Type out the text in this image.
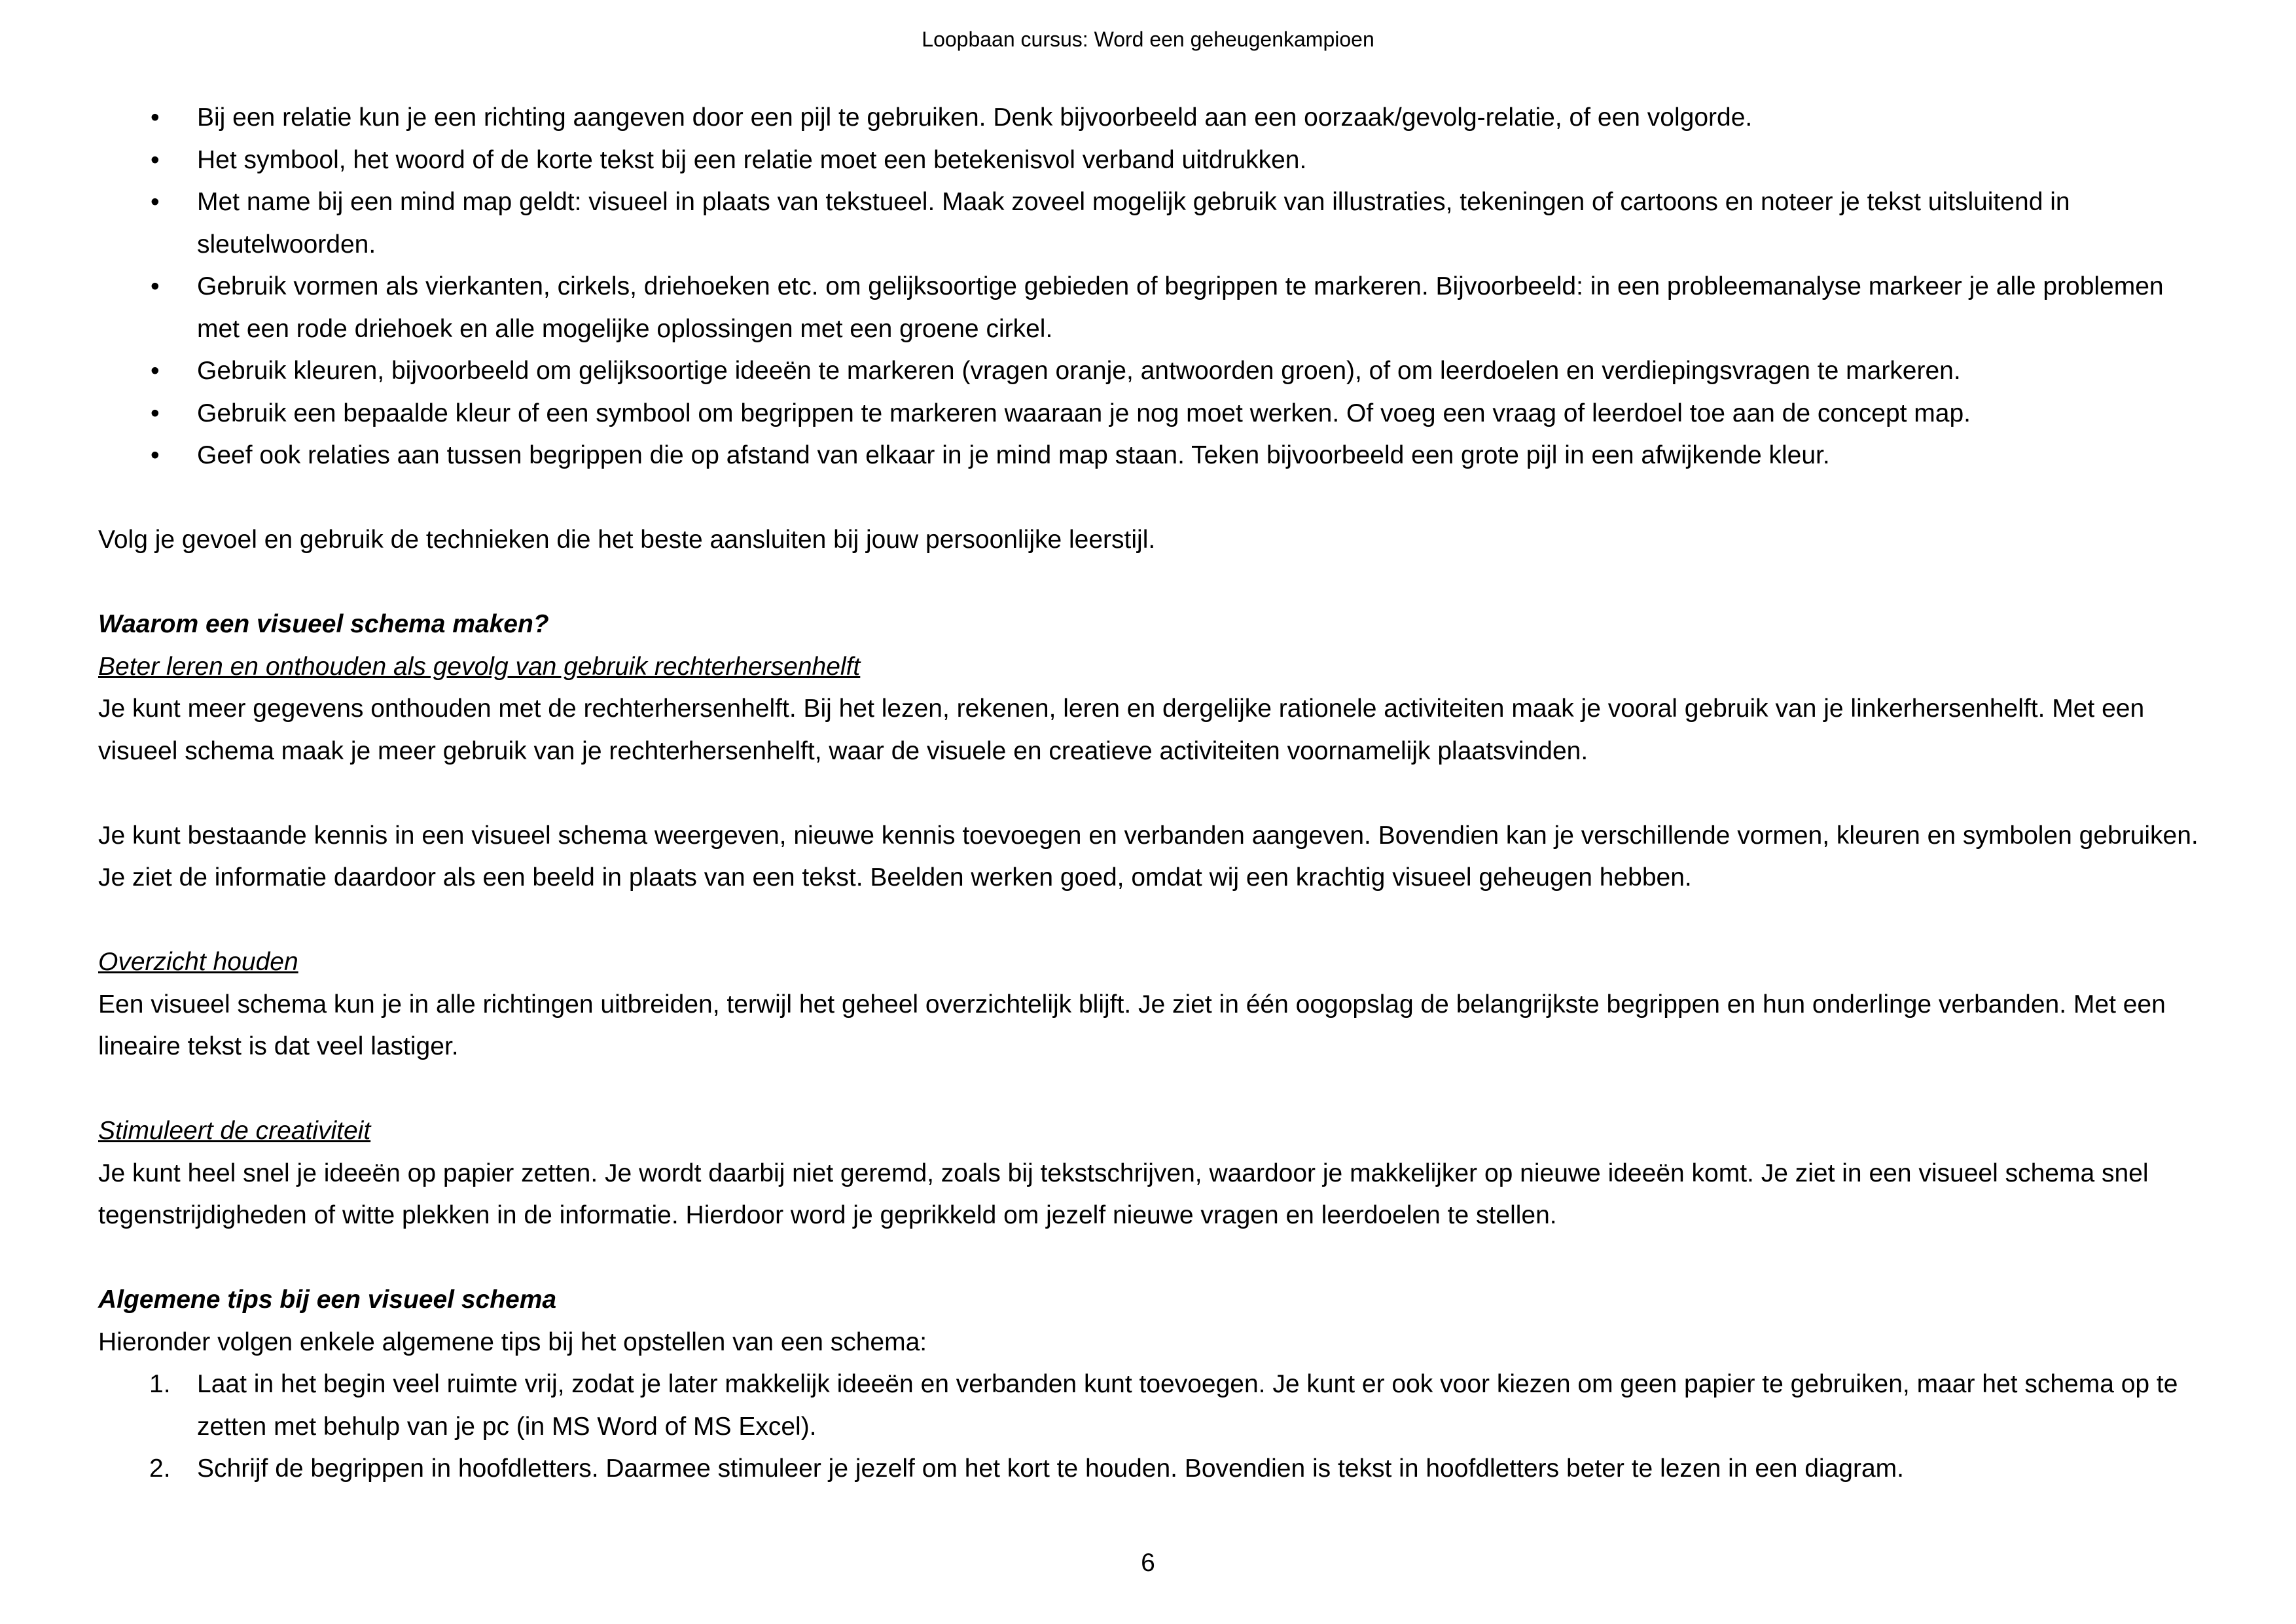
Loopbaan cursus: Word een geheugenkampioen
• Bij een relatie kun je een richting aangeven door een pijl te gebruiken. Denk bijvoorbeeld aan een oorzaak/gevolg-relatie, of een volgorde.
• Het symbool, het woord of de korte tekst bij een relatie moet een betekenisvol verband uitdrukken.
• Met name bij een mind map geldt: visueel in plaats van tekstueel. Maak zoveel mogelijk gebruik van illustraties, tekeningen of cartoons en noteer je tekst uitsluitend in sleutelwoorden.
• Gebruik vormen als vierkanten, cirkels, driehoeken etc. om gelijksoortige gebieden of begrippen te markeren. Bijvoorbeeld: in een probleemanalyse markeer je alle problemen met een rode driehoek en alle mogelijke oplossingen met een groene cirkel.
• Gebruik kleuren, bijvoorbeeld om gelijksoortige ideeën te markeren (vragen oranje, antwoorden groen), of om leerdoelen en verdiepingsvragen te markeren.
• Gebruik een bepaalde kleur of een symbool om begrippen te markeren waaraan je nog moet werken. Of voeg een vraag of leerdoel toe aan de concept map.
• Geef ook relaties aan tussen begrippen die op afstand van elkaar in je mind map staan. Teken bijvoorbeeld een grote pijl in een afwijkende kleur.

Volg je gevoel en gebruik de technieken die het beste aansluiten bij jouw persoonlijke leerstijl.

Waarom een visueel schema maken?

Beter leren en onthouden als gevolg van gebruik rechterhersenhelft

Je kunt meer gegevens onthouden met de rechterhersenhelft. Bij het lezen, rekenen, leren en dergelijke rationele activiteiten maak je vooral gebruik van je linkerhersenhelft. Met een visueel schema maak je meer gebruik van je rechterhersenhelft, waar de visuele en creatieve activiteiten voornamelijk plaatsvinden.

Je kunt bestaande kennis in een visueel schema weergeven, nieuwe kennis toevoegen en verbanden aangeven. Bovendien kan je verschillende vormen, kleuren en symbolen gebruiken. Je ziet de informatie daardoor als een beeld in plaats van een tekst. Beelden werken goed, omdat wij een krachtig visueel geheugen hebben.

Overzicht houden

Een visueel schema kun je in alle richtingen uitbreiden, terwijl het geheel overzichtelijk blijft. Je ziet in één oogopslag de belangrijkste begrippen en hun onderlinge verbanden. Met een lineaire tekst is dat veel lastiger.

Stimuleert de creativiteit

Je kunt heel snel je ideeën op papier zetten. Je wordt daarbij niet geremd, zoals bij tekstschrijven, waardoor je makkelijker op nieuwe ideeën komt. Je ziet in een visueel schema snel tegenstrijdigheden of witte plekken in de informatie. Hierdoor word je geprikkeld om jezelf nieuwe vragen en leerdoelen te stellen.

Algemene tips bij een visueel schema

Hieronder volgen enkele algemene tips bij het opstellen van een schema:

1. Laat in het begin veel ruimte vrij, zodat je later makkelijk ideeën en verbanden kunt toevoegen. Je kunt er ook voor kiezen om geen papier te gebruiken, maar het schema op te zetten met behulp van je pc (in MS Word of MS Excel).
2. Schrijf de begrippen in hoofdletters. Daarmee stimuleer je jezelf om het kort te houden. Bovendien is tekst in hoofdletters beter te lezen in een diagram.
6
